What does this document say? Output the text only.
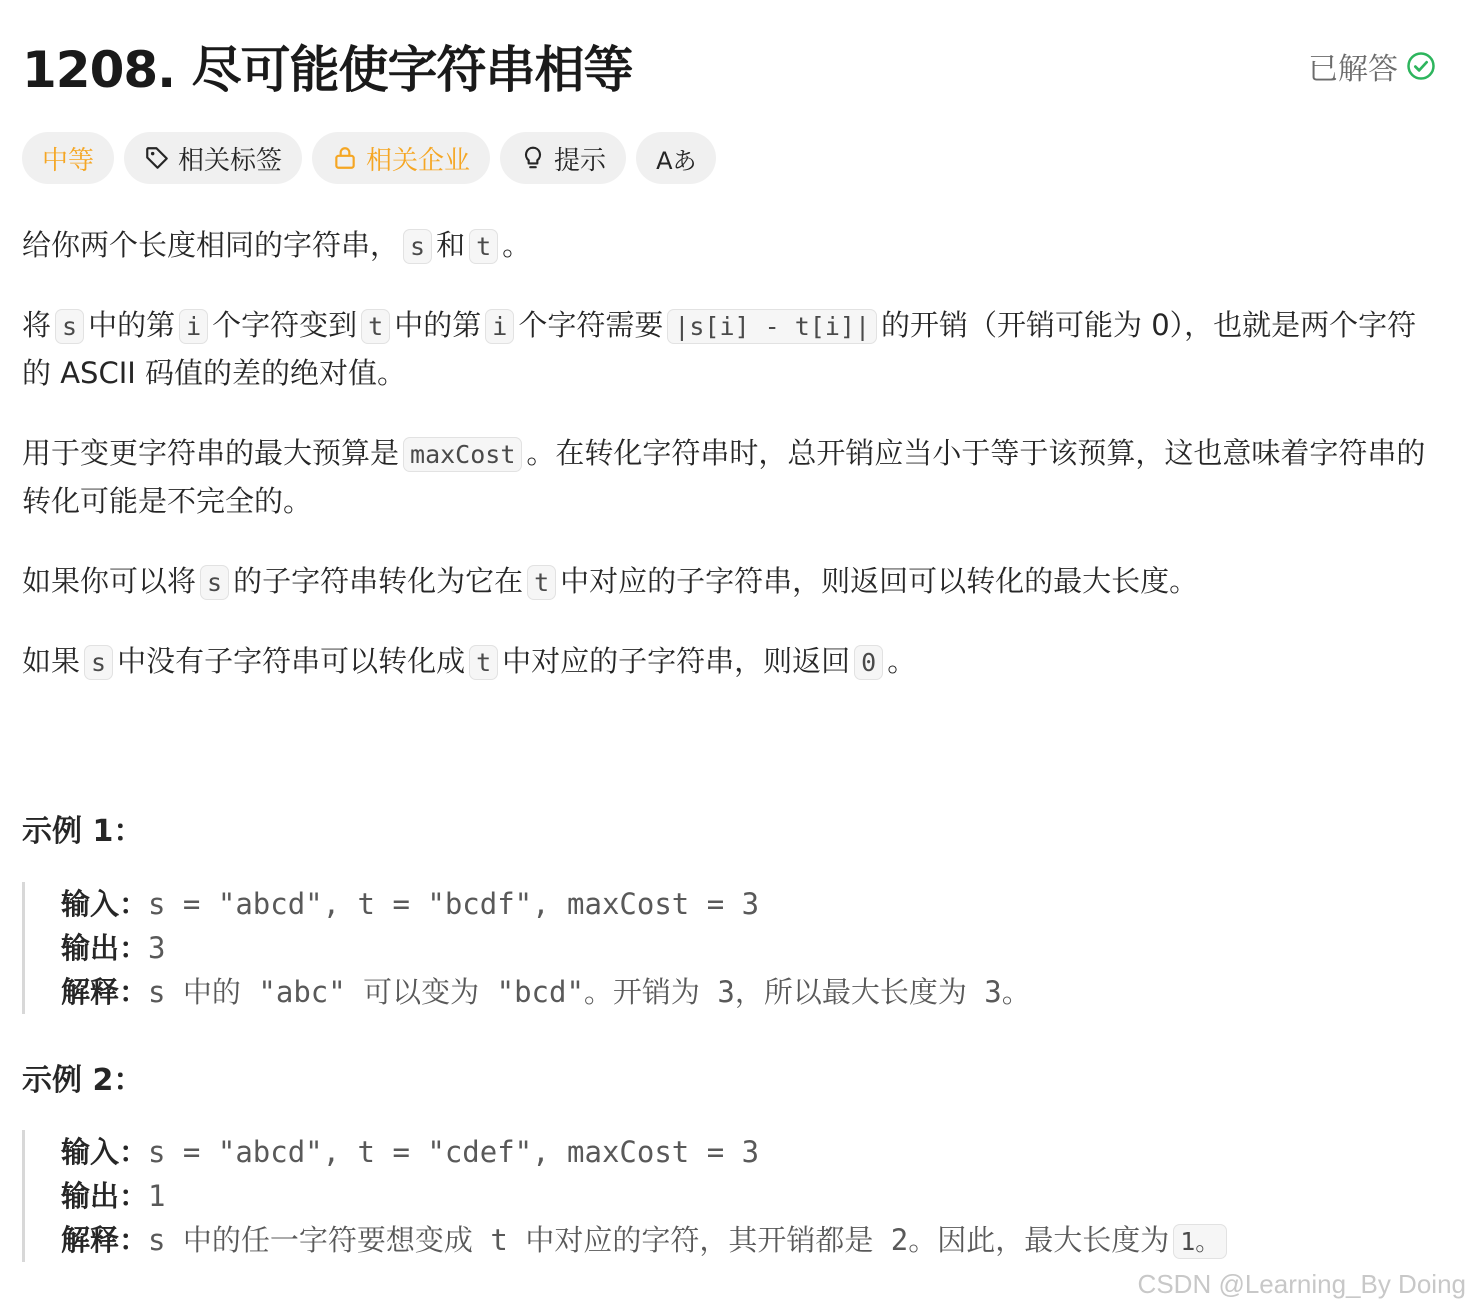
1208. 尽可能使字符串相等	已解答
中等	相关标签	相关企业	提示 Aあ

给你两个长度相同的字符串， s 和 t 。

将 s 中的第 i 个字符变到 t 中的第 i 个字符需要 |s[i] - t[i]| 的开销（开销可能为 0），也就是两个字符的 ASCII 码值的差的绝对值。

用于变更字符串的最大预算是 maxCost 。在转化字符串时，总开销应当小于等于该预算，这也意味着字符串的转化可能是不完全的。

如果你可以将 s 的子字符串转化为它在 t 中对应的子字符串，则返回可以转化的最大长度。

如果 s 中没有子字符串可以转化成 t 中对应的子字符串，则返回 0 。

示例 1：
输入：s = "abcd", t = "bcdf", maxCost = 3
输出：3
解释：s 中的 "abc" 可以变为 "bcd"。开销为 3，所以最大长度为 3。
示例 2：
输入：s = "abcd", t = "cdef", maxCost = 3
输出：1
解释：s 中的任一字符要想变成 t 中对应的字符，其开销都是 2。因此，最大长度为 1。
CSDN @Learning_By Doing
